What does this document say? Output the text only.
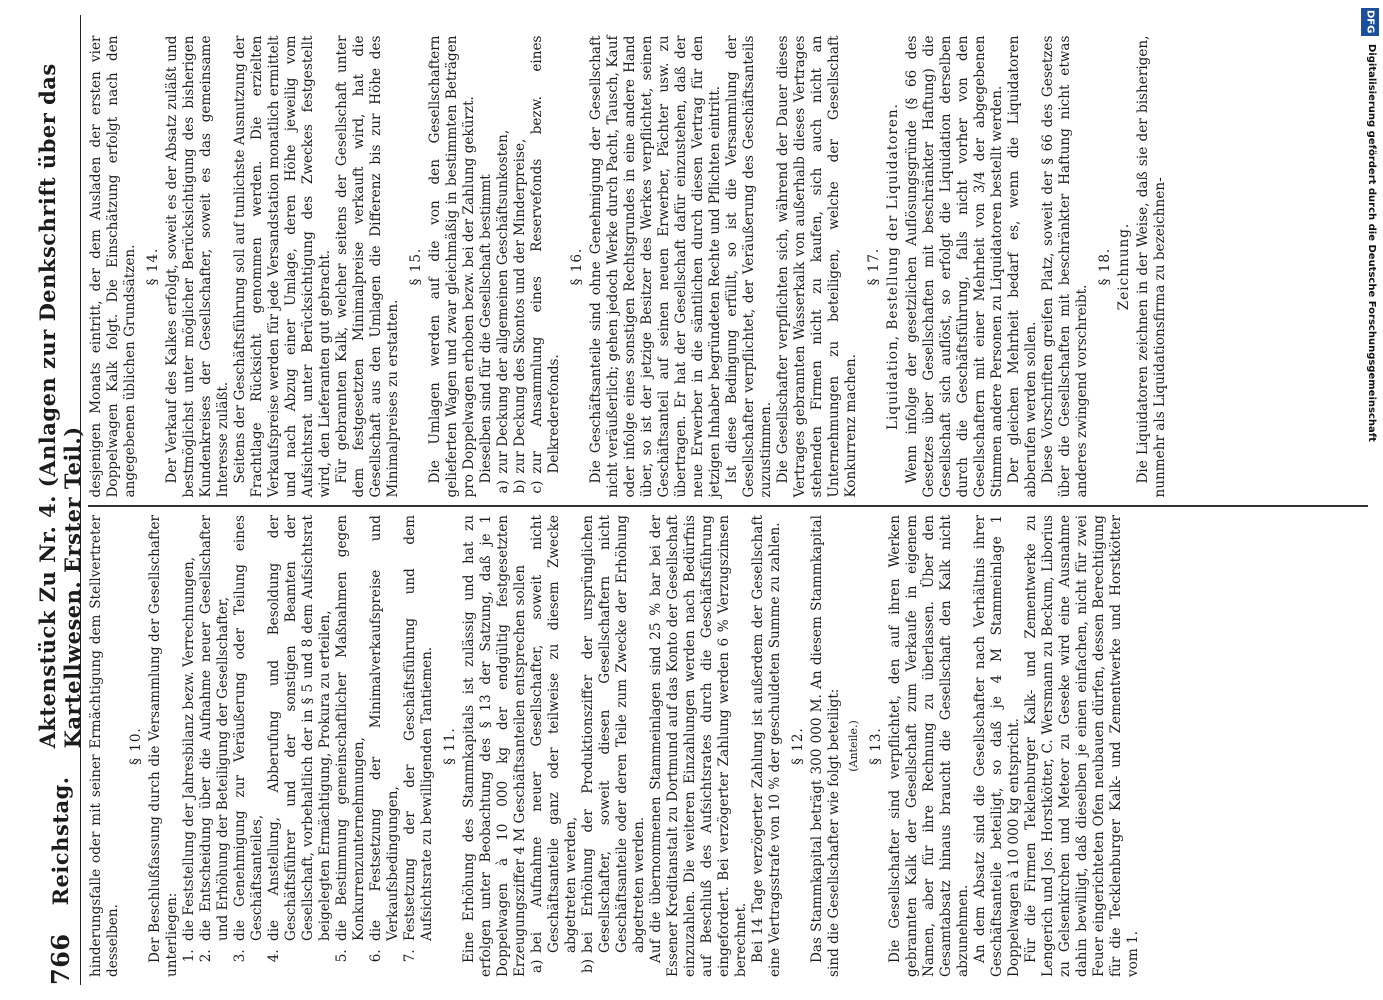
DFG
Digitalisierung gefördert durch die Deutsche Forschungsgemeinschaft
766
Reichstag.
Aktenstück Zu Nr. 4. (Anlagen zur Denkschrift über das Kartellwesen. Erster Teil.) hinderungsfalle oder mit seiner Ermächtigung dem Stellvertreter desselben.

§ 10. Der Beschlußfassung durch die Versammlung der Gesellschafter unterliegen: 1. die Feststellung der Jahresbilanz bezw. Verrechnungen, 2. die Entscheidung über die Aufnahme neuer Gesellschafter und Erhöhung der Beteiligung der Gesellschafter, 3. die Genehmigung zur Veräußerung oder Teilung eines Geschäftsanteiles, 4. die Anstellung, Abberufung und Besoldung der Geschäftsführer und der sonstigen Beamten der Gesellschaft, vorbehaltlich der in § 5 und 8 dem Aufsichtsrat beigelegten Ermächtigung, Prokura zu erteilen, 5. die Bestimmung gemeinschaftlicher Maßnahmen gegen Konkurrenzunternehmungen, 6. die Festsetzung der Minimalverkaufspreise und Verkaufsbedingungen, 7. Festsetzung der der Geschäftsführung und dem Aufsichtsrate zu bewilligenden Tantiemen. § 11. Eine Erhöhung des Stammkapitals ist zulässig und hat zu erfolgen unter Beobachtung des § 13 der Satzung, daß je 1 Doppelwagen à 10 000 kg der endgültig festgesetzten Erzeugungsziffer 4 M Geschäftsanteilen entsprechen sollen a)
bei Aufnahme neuer Gesellschafter, soweit nicht Geschäftsanteile ganz oder teilweise zu diesem Zwecke abgetreten werden,
b)
bei Erhöhung der Produktionsziffer der ursprünglichen Gesellschafter, soweit diesen Gesellschaftern nicht Geschäftsanteile oder deren Teile zum Zwecke der Erhöhung abgetreten werden. Auf die übernommenen Stammeinlagen sind 25 % bar bei der Essener Kreditanstalt zu Dortmund auf das Konto der Gesellschaft einzuzahlen. Die weiteren Einzahlungen werden nach Bedürfnis auf Beschluß des Aufsichtsrates durch die Geschäftsführung eingefordert. Bei verzögerter Zahlung werden 6 % Verzugszinsen berechnet. Bei 14 Tage verzögerter Zahlung ist außerdem der Gesellschaft eine Vertragsstrafe von 10 % der geschuldeten Summe zu zahlen. § 12. Das Stammkapital beträgt 300 000 M. An diesem Stammkapital sind die Gesellschafter wie folgt beteiligt: (Anteile.) § 13. Die Gesellschafter sind verpflichtet, den auf ihren Werken gebrannten Kalk der Gesellschaft zum Verkaufe in eigenem Namen, aber für ihre Rechnung zu überlassen. Über den Gesamtabsatz hinaus braucht die Gesellschaft den Kalk nicht abzunehmen. An dem Absatz sind die Gesellschafter nach Verhältnis ihrer Geschäftsanteile beteiligt, so daß je 4 M Stammeinlage 1 Doppelwagen à 10 000 kg entspricht. Für die Firmen Teklenburger Kalk- und Zementwerke zu Lengerich und Jos. Horstkötter, C. Wersmann zu Beckum, Liborius zu Gelsenkirchen und Meteor zu Geseke wird eine Ausnahme dahin bewilligt, daß dieselben je einen einfachen, nicht für zwei Feuer eingerichteten Ofen neubauen dürfen, dessen Berechtigung für die Tecklenburger Kalk- und Zementwerke und Horstkötter vom 1.

desjenigen Monats eintritt, der dem Ausladen der ersten vier Doppelwagen Kalk folgt. Die Einschätzung erfolgt nach den angegebenen üblichen Grundsätzen. § 14. Der Verkauf des Kalkes erfolgt, soweit es der Absatz zuläßt und bestmöglichst unter möglicher Berücksichtigung des bisherigen Kundenkreises der Gesellschafter, soweit es das gemeinsame Interesse zuläßt. Seitens der Geschäftsführung soll auf tunlichste Ausnutzung der Frachtlage Rücksicht genommen werden. Die erzielten Verkaufspreise werden für jede Versandstation monatlich ermittelt und nach Abzug einer Umlage, deren Höhe jeweilig vom Aufsichtsrat unter Berücksichtigung des Zweckes festgestellt wird, den Lieferanten gut gebracht. Für gebrannten Kalk, welcher seitens der Gesellschaft unter dem festgesetzten Minimalpreise verkauft wird, hat die Gesellschaft aus den Umlagen die Differenz bis zur Höhe des Minimalpreises zu erstatten.

§ 15. Die Umlagen werden auf die von den Gesellschaftern gelieferten Wagen und zwar gleichmäßig in bestimmten Beträgen pro Doppelwagen erhoben bezw. bei der Zahlung gekürzt. Dieselben sind für die Gesellschaft bestimmt

a)
zur Deckung der allgemeinen Geschäftsunkosten,
b)
zur Deckung des Skontos und der Minderpreise,
c)
zur Ansammlung eines Reservefonds bezw. eines Delkrederefonds.
§ 16. Die Geschäftsanteile sind ohne Genehmigung der Gesellschaft nicht veräußerlich; gehen jedoch Werke durch Pacht, Tausch, Kauf oder infolge eines sonstigen Rechtsgrundes in eine andere Hand über, so ist der jetzige Besitzer des Werkes verpflichtet, seinen Geschäftsanteil auf seinen neuen Erwerber, Pächter usw. zu übertragen. Er hat der Gesellschaft dafür einzustehen, daß der neue Erwerber in die sämtlichen durch diesen Vertrag für den jetzigen Inhaber begründeten Rechte und Pflichten eintritt. Ist diese Bedingung erfüllt, so ist die Versammlung der Gesellschafter verpflichtet, der Veräußerung des Geschäftsanteils zuzustimmen. Die Gesellschafter verpflichten sich, während der Dauer dieses Vertrages gebrannten Wasserkalk von außerhalb dieses Vertrages stehenden Firmen nicht zu kaufen, sich auch nicht an Unternehmungen zu beteiligen, welche der Gesellschaft Konkurrenz machen.

§ 17. Liquidation, Bestellung der Liquidatoren. Wenn infolge der gesetzlichen Auflösungsgründe (§ 66 des Gesetzes über Gesellschaften mit beschränkter Haftung) die Gesellschaft sich auflöst, so erfolgt die Liquidation derselben durch die Geschäftsführung, falls nicht vorher von den Gesellschaftern mit einer Mehrheit von 3/4 der abgegebenen Stimmen andere Personen zu Liquidatoren bestellt werden. Der gleichen Mehrheit bedarf es, wenn die Liquidatoren abberufen werden sollen. Diese Vorschriften greifen Platz, soweit der § 66 des Gesetzes über die Gesellschaften mit beschränkter Haftung nicht etwas anderes zwingend vorschreibt.

§ 18. Zeichnung. Die Liquidatoren zeichnen in der Weise, daß sie der bisherigen, nunmehr als Liquidationsfirma zu bezeichnen-
